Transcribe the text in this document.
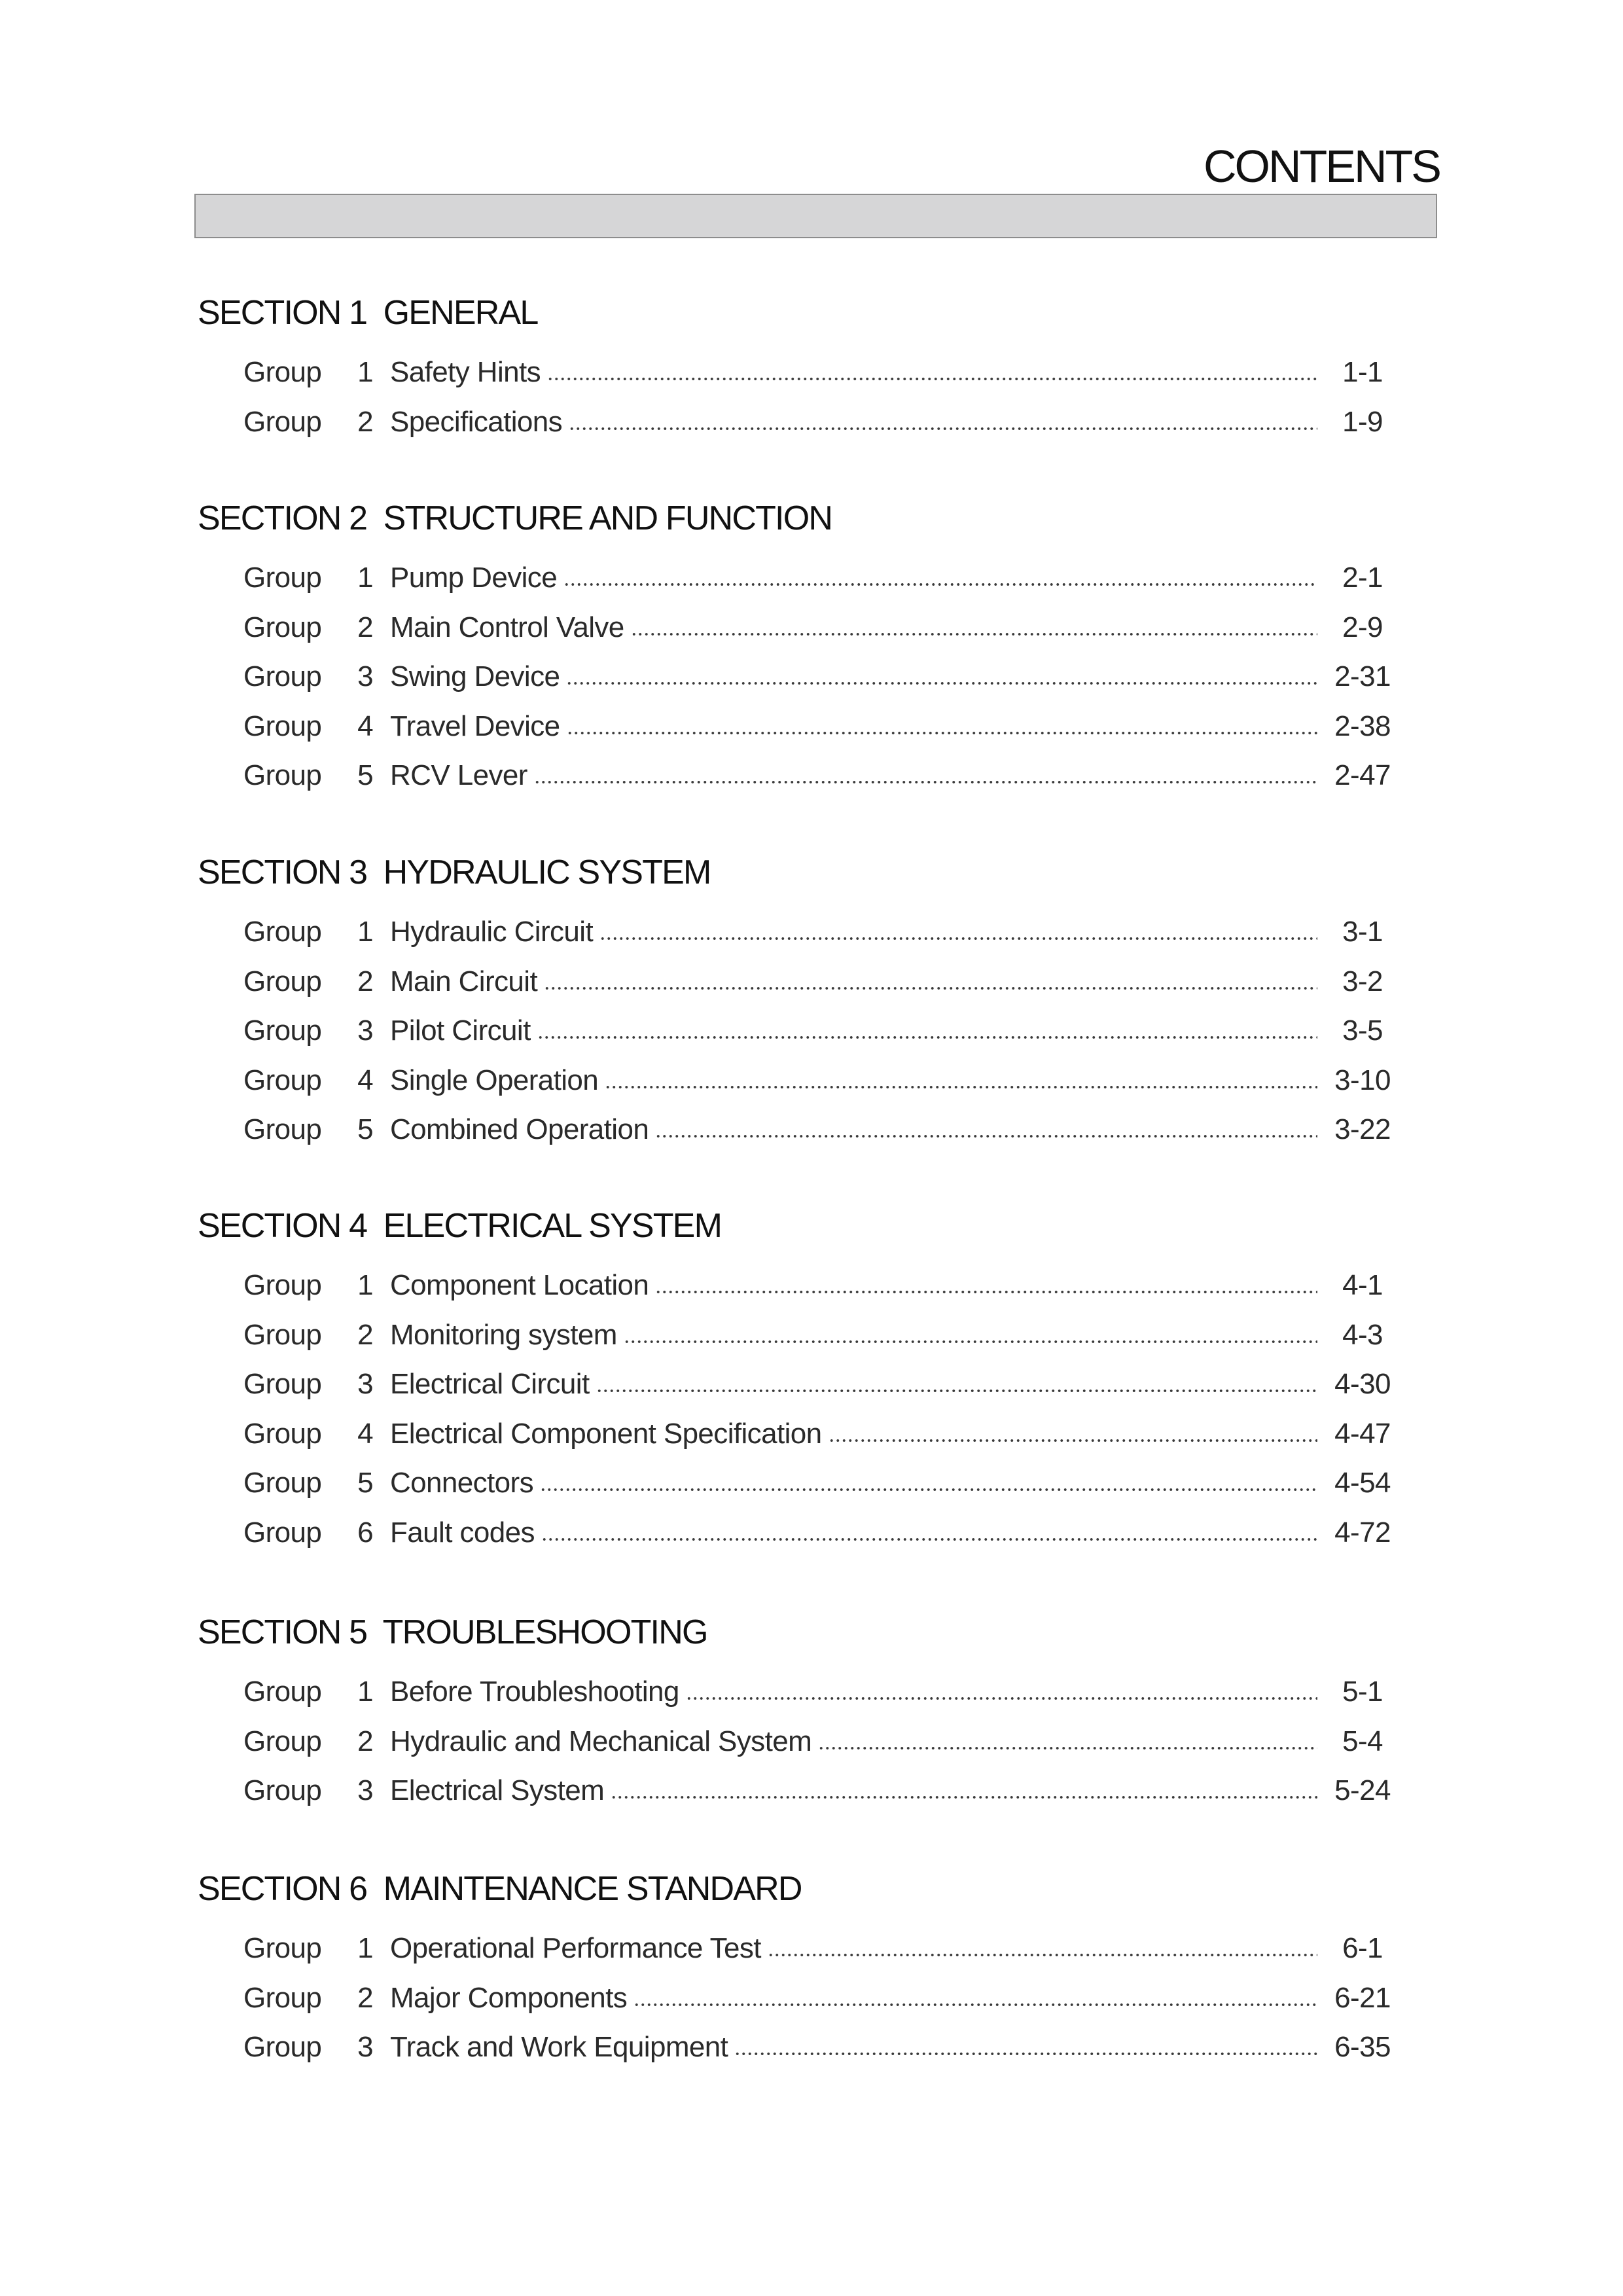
CONTENTS
SECTION 1  GENERAL
Group	1 Safety Hints	1-1
Group	2 Specifications	1-9
SECTION 2  STRUCTURE AND FUNCTION
Group	1 Pump Device	2-1
Group	2 Main Control Valve	2-9
Group	3 Swing Device	2-31
Group	4 Travel Device	2-38
Group	5 RCV Lever	2-47
SECTION 3  HYDRAULIC SYSTEM
Group	1 Hydraulic Circuit	3-1
Group	2 Main Circuit	3-2
Group	3 Pilot Circuit	3-5
Group	4 Single Operation	3-10
Group	5 Combined Operation	3-22
SECTION 4  ELECTRICAL SYSTEM
Group	1 Component Location	4-1
Group	2 Monitoring system	4-3
Group	3 Electrical Circuit	4-30
Group	4 Electrical Component Specification	4-47
Group	5 Connectors	4-54
Group	6 Fault codes	4-72
SECTION 5  TROUBLESHOOTING
Group	1 Before Troubleshooting	5-1
Group	2 Hydraulic and Mechanical System	5-4
Group	3 Electrical System	5-24
SECTION 6  MAINTENANCE STANDARD
Group	1 Operational Performance Test	6-1
Group	2 Major Components	6-21
Group	3 Track and Work Equipment	6-35
